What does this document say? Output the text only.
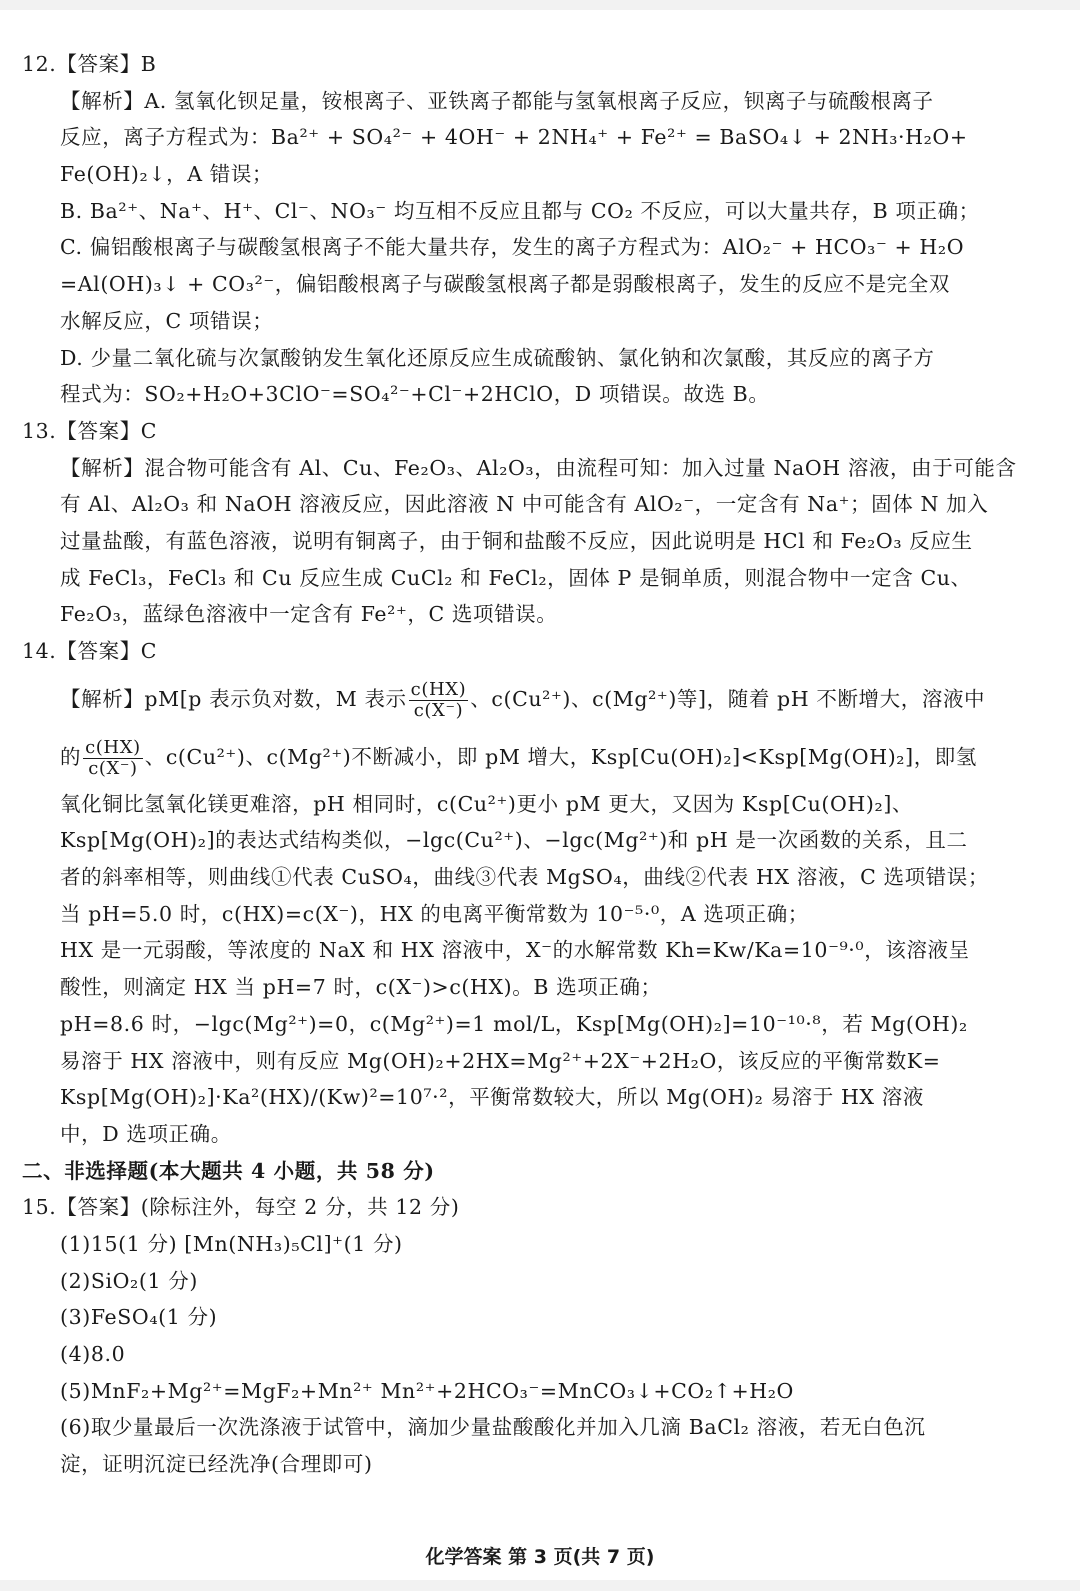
12.【答案】B
【解析】A. 氢氧化钡足量，铵根离子、亚铁离子都能与氢氧根离子反应，钡离子与硫酸根离子
反应，离子方程式为：Ba²⁺ + SO₄²⁻ + 4OH⁻ + 2NH₄⁺ + Fe²⁺ = BaSO₄↓ + 2NH₃·H₂O+
Fe(OH)₂↓，A 错误；
B. Ba²⁺、Na⁺、H⁺、Cl⁻、NO₃⁻ 均互相不反应且都与 CO₂ 不反应，可以大量共存，B 项正确；
C. 偏铝酸根离子与碳酸氢根离子不能大量共存，发生的离子方程式为：AlO₂⁻ + HCO₃⁻ + H₂O
=Al(OH)₃↓ + CO₃²⁻，偏铝酸根离子与碳酸氢根离子都是弱酸根离子，发生的反应不是完全双
水解反应，C 项错误；
D. 少量二氧化硫与次氯酸钠发生氧化还原反应生成硫酸钠、氯化钠和次氯酸，其反应的离子方
程式为：SO₂+H₂O+3ClO⁻=SO₄²⁻+Cl⁻+2HClO，D 项错误。故选 B。
13.【答案】C
【解析】混合物可能含有 Al、Cu、Fe₂O₃、Al₂O₃，由流程可知：加入过量 NaOH 溶液，由于可能含
有 Al、Al₂O₃ 和 NaOH 溶液反应，因此溶液 N 中可能含有 AlO₂⁻，一定含有 Na⁺；固体 N 加入
过量盐酸，有蓝色溶液，说明有铜离子，由于铜和盐酸不反应，因此说明是 HCl 和 Fe₂O₃ 反应生
成 FeCl₃，FeCl₃ 和 Cu 反应生成 CuCl₂ 和 FeCl₂，固体 P 是铜单质，则混合物中一定含 Cu、
Fe₂O₃，蓝绿色溶液中一定含有 Fe²⁺，C 选项错误。
14.【答案】C
【解析】pM[p 表示负对数，M 表示 $\frac{c(HX)}{c(X^-)}$ 、c(Cu²⁺)、c(Mg²⁺)等]，随着 pH 不断增大，溶液中
的 $\frac{c(HX)}{c(X^-)}$ 、c(Cu²⁺)、c(Mg²⁺)不断减小，即 pM 增大，Ksp[Cu(OH)₂]<Ksp[Mg(OH)₂]，即氢
氧化铜比氢氧化镁更难溶，pH 相同时，c(Cu²⁺)更小 pM 更大，又因为 Ksp[Cu(OH)₂]、
Ksp[Mg(OH)₂]的表达式结构类似，−lgc(Cu²⁺)、−lgc(Mg²⁺)和 pH 是一次函数的关系，且二
者的斜率相等，则曲线①代表 CuSO₄，曲线③代表 MgSO₄，曲线②代表 HX 溶液，C 选项错误；
当 pH=5.0 时，c(HX)=c(X⁻)，HX 的电离平衡常数为 10⁻⁵·⁰，A 选项正确；
HX 是一元弱酸，等浓度的 NaX 和 HX 溶液中，X⁻的水解常数 Kh=Kw/Ka=10⁻⁹·⁰，该溶液呈
酸性，则滴定 HX 当 pH=7 时，c(X⁻)>c(HX)。B 选项正确；
pH=8.6 时，−lgc(Mg²⁺)=0，c(Mg²⁺)=1 mol/L，Ksp[Mg(OH)₂]=10⁻¹⁰·⁸，若 Mg(OH)₂
易溶于 HX 溶液中，则有反应 Mg(OH)₂+2HX=Mg²⁺+2X⁻+2H₂O，该反应的平衡常数K=
Ksp[Mg(OH)₂]·Ka²(HX)/(Kw)²=10⁷·²，平衡常数较大，所以 Mg(OH)₂ 易溶于 HX 溶液
中，D 选项正确。
二、非选择题(本大题共 4 小题，共 58 分)
15.【答案】(除标注外，每空 2 分，共 12 分)
(1)15(1 分) [Mn(NH₃)₅Cl]⁺(1 分)
(2)SiO₂(1 分)
(3)FeSO₄(1 分)
(4)8.0
(5)MnF₂+Mg²⁺=MgF₂+Mn²⁺ Mn²⁺+2HCO₃⁻=MnCO₃↓+CO₂↑+H₂O
(6)取少量最后一次洗涤液于试管中，滴加少量盐酸酸化并加入几滴 BaCl₂ 溶液，若无白色沉
淀，证明沉淀已经洗净(合理即可)
化学答案 第 3 页(共 7 页)
